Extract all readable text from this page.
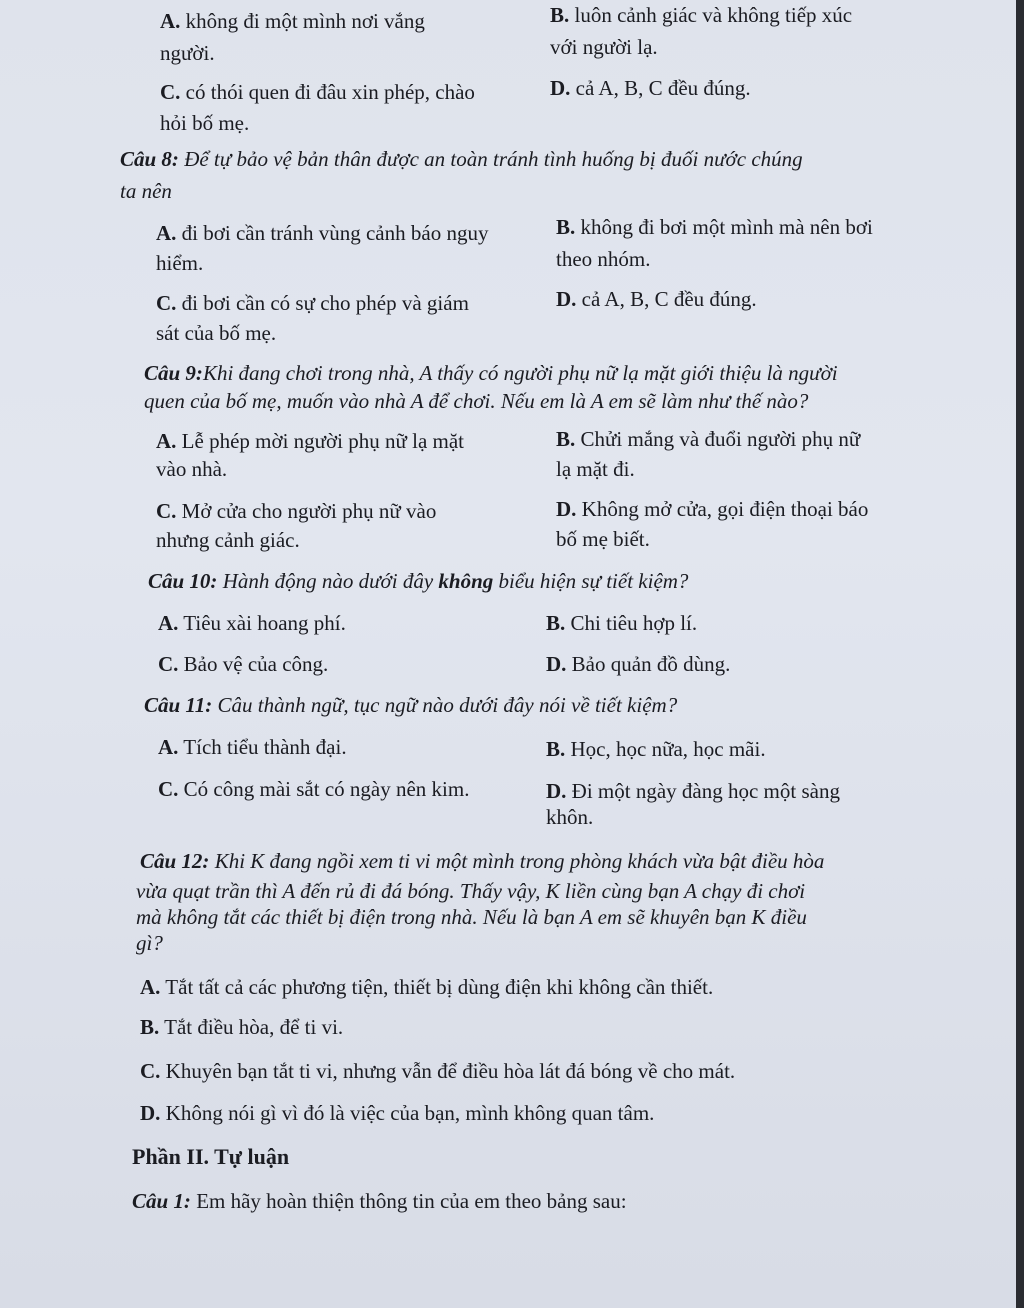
A. không đi một mình nơi vắng
người.
B. luôn cảnh giác và không tiếp xúc
với người lạ.
C. có thói quen đi đâu xin phép, chào
hỏi bố mẹ.
D. cả A, B, C đều đúng.
Câu 8: Để tự bảo vệ bản thân được an toàn tránh tình huống bị đuối nước chúng
ta nên
A. đi bơi cần tránh vùng cảnh báo nguy
hiểm.
B. không đi bơi một mình mà nên bơi
theo nhóm.
C. đi bơi cần có sự cho phép và giám
sát của bố mẹ.
D. cả A, B, C đều đúng.
Câu 9:Khi đang chơi trong nhà, A thấy có người phụ nữ lạ mặt giới thiệu là người
quen của bố mẹ, muốn vào nhà A để chơi. Nếu em là A em sẽ làm như thế nào?
A. Lễ phép mời người phụ nữ lạ mặt
vào nhà.
B. Chửi mắng và đuổi người phụ nữ
lạ mặt đi.
C. Mở cửa cho người phụ nữ vào
nhưng cảnh giác.
D. Không mở cửa, gọi điện thoại báo
bố mẹ biết.
Câu 10: Hành động nào dưới đây không biểu hiện sự tiết kiệm?
A. Tiêu xài hoang phí.	B. Chi tiêu hợp lí.
C. Bảo vệ của công.	D. Bảo quản đồ dùng.
Câu 11: Câu thành ngữ, tục ngữ nào dưới đây nói về tiết kiệm?
A. Tích tiểu thành đại.	B. Học, học nữa, học mãi.
C. Có công mài sắt có ngày nên kim.	D. Đi một ngày đàng học một sàng
khôn.
Câu 12: Khi K đang ngồi xem ti vi một mình trong phòng khách vừa bật điều hòa
vừa quạt trần thì A đến rủ đi đá bóng. Thấy vậy, K liền cùng bạn A chạy đi chơi
mà không tắt các thiết bị điện trong nhà. Nếu là bạn A em sẽ khuyên bạn K điều
gì?
A. Tắt tất cả các phương tiện, thiết bị dùng điện khi không cần thiết.
B. Tắt điều hòa, để ti vi.
C. Khuyên bạn tắt ti vi, nhưng vẫn để điều hòa lát đá bóng về cho mát.
D. Không nói gì vì đó là việc của bạn, mình không quan tâm.
Phần II. Tự luận
Câu 1: Em hãy hoàn thiện thông tin của em theo bảng sau:
